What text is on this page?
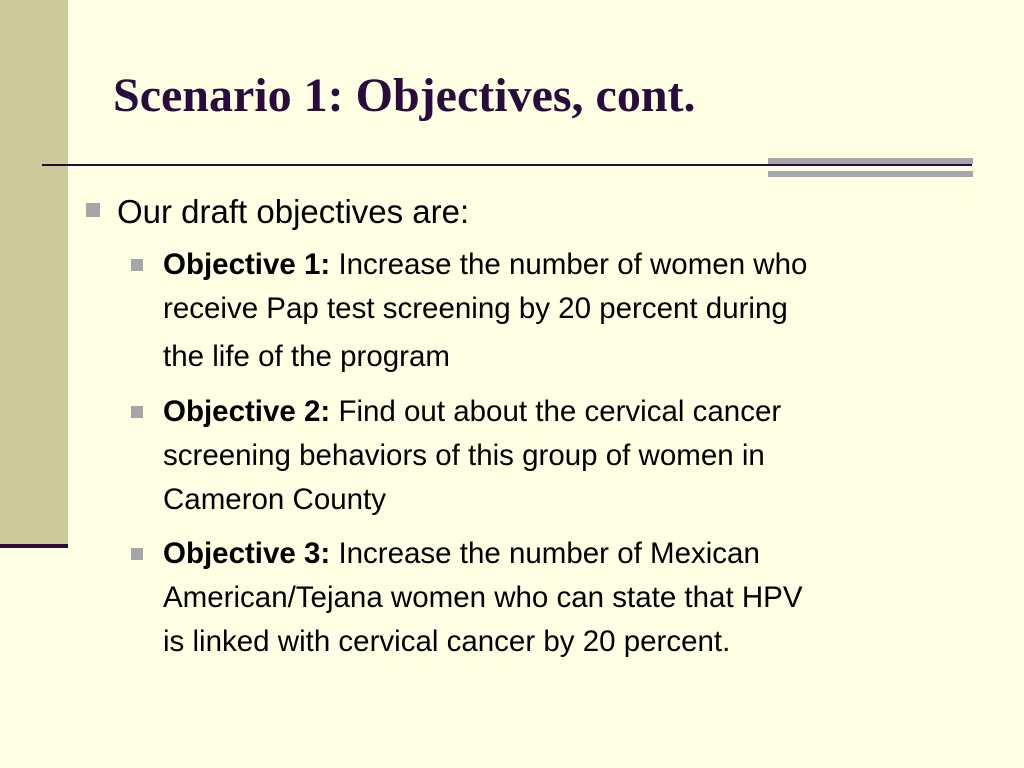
Scenario 1: Objectives, cont.
Our draft objectives are:
Objective 1: Increase the number of women who
receive Pap test screening by 20 percent during
the life of the program
Objective 2: Find out about the cervical cancer
screening behaviors of this group of women in
Cameron County
Objective 3: Increase the number of Mexican
American/Tejana women who can state that HPV
is linked with cervical cancer by 20 percent.
